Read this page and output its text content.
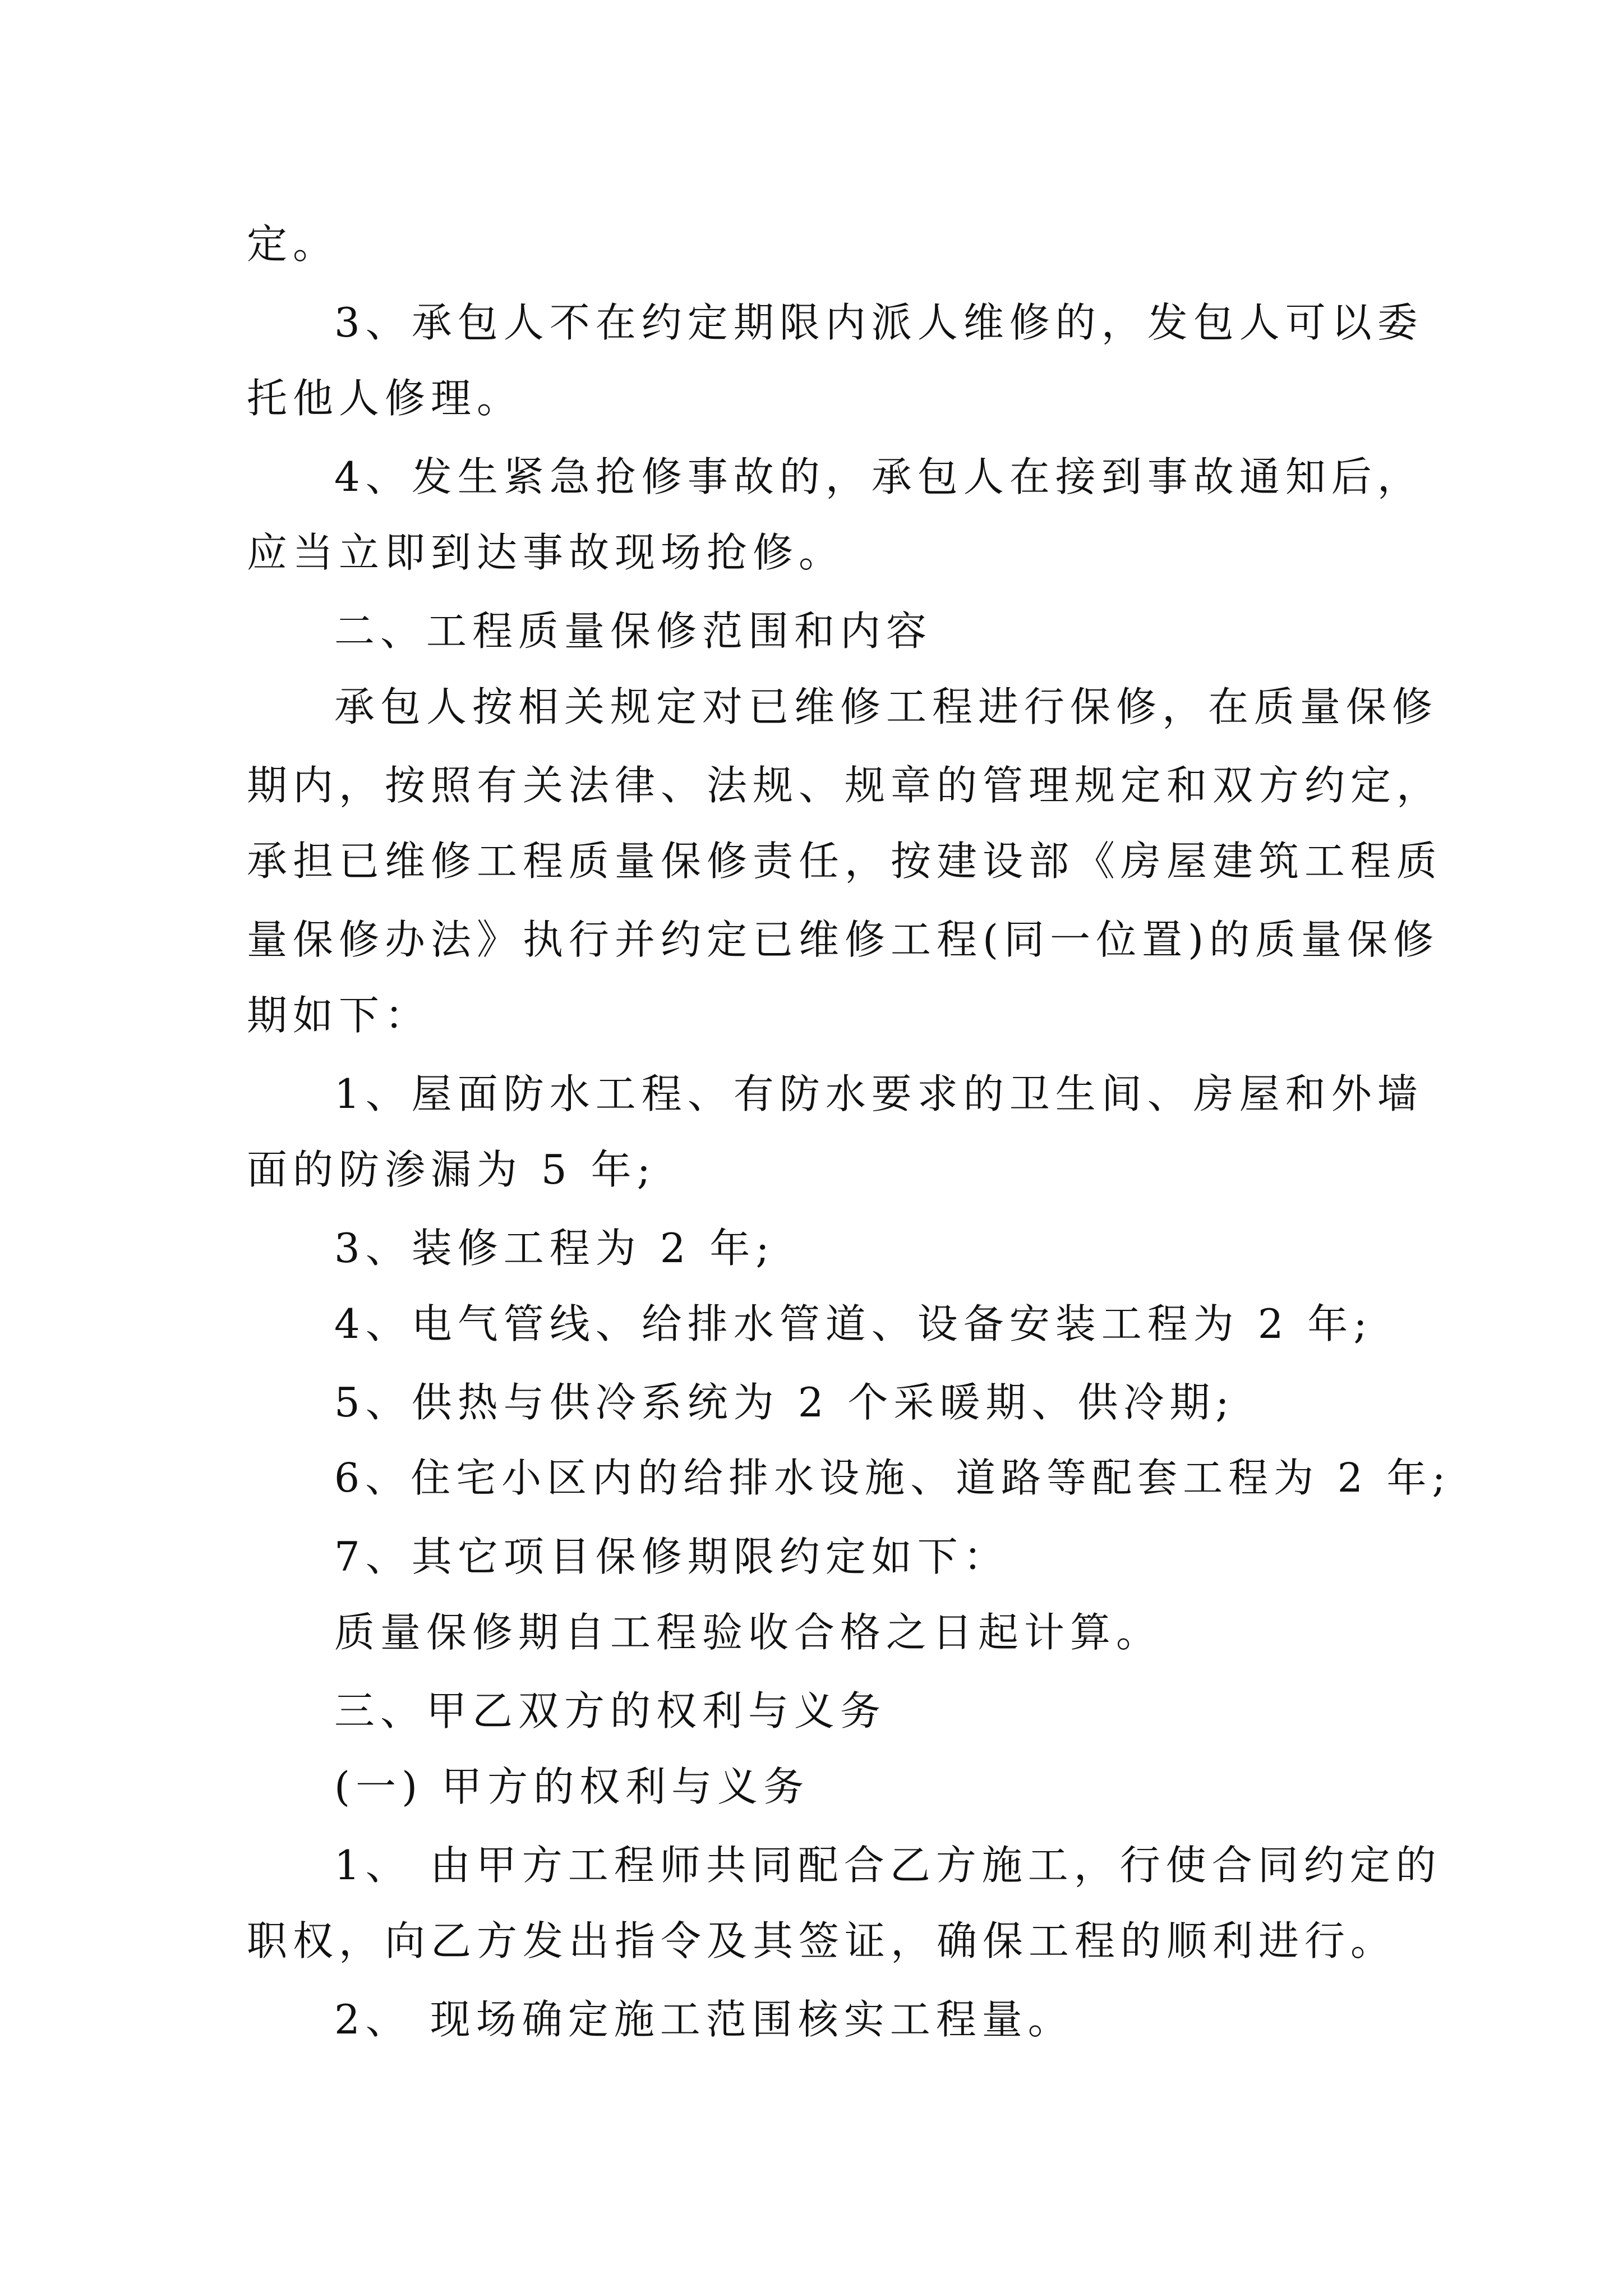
定。
3、承包人不在约定期限内派人维修的，发包人可以委
托他人修理。
4、发生紧急抢修事故的，承包人在接到事故通知后，
应当立即到达事故现场抢修。
二、工程质量保修范围和内容
承包人按相关规定对已维修工程进行保修，在质量保修
期内，按照有关法律、法规、规章的管理规定和双方约定，
承担已维修工程质量保修责任，按建设部《房屋建筑工程质
量保修办法》执行并约定已维修工程(同一位置)的质量保修
期如下：
1、屋面防水工程、有防水要求的卫生间、房屋和外墙
面的防渗漏为 5 年;
3、装修工程为 2 年;
4、电气管线、给排水管道、设备安装工程为 2 年;
5、供热与供冷系统为 2 个采暖期、供冷期;
6、住宅小区内的给排水设施、道路等配套工程为 2 年;
7、其它项目保修期限约定如下：
质量保修期自工程验收合格之日起计算。
三、甲乙双方的权利与义务
(一) 甲方的权利与义务
1、 由甲方工程师共同配合乙方施工，行使合同约定的
职权，向乙方发出指令及其签证，确保工程的顺利进行。
2、 现场确定施工范围核实工程量。
